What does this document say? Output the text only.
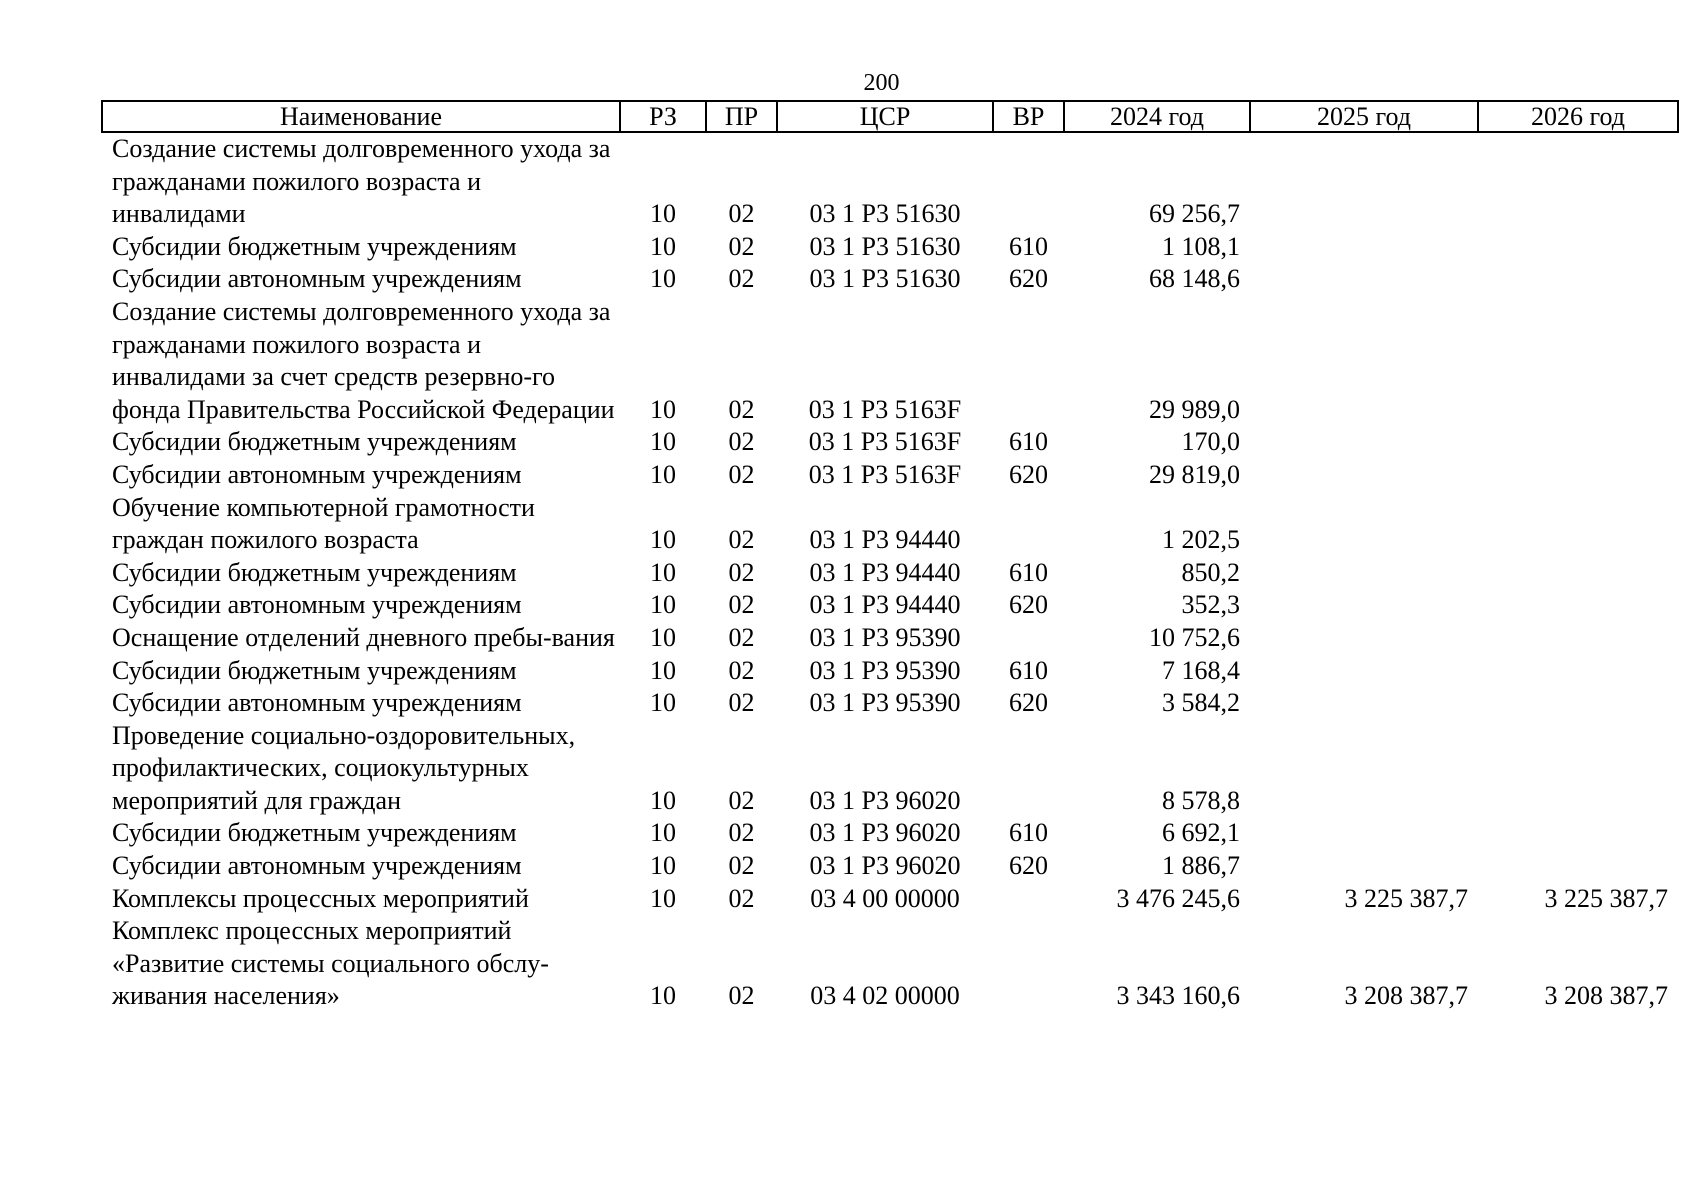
200
Наименование	РЗ	ПР	ЦСР	ВР	2024 год	2025 год	2026 год
Создание системы долговременного ухода за гражданами пожилого возраста и инвалидами	10	02	03 1 Р3 51630		69 256,7		
Субсидии бюджетным учреждениям	10	02	03 1 Р3 51630	610	1 108,1		
Субсидии автономным учреждениям	10	02	03 1 Р3 51630	620	68 148,6		
Создание системы долговременного ухода за гражданами пожилого возраста и инвалидами за счет средств резервно-го фонда Правительства Российской Федерации	10	02	03 1 Р3 5163F		29 989,0		
Субсидии бюджетным учреждениям	10	02	03 1 Р3 5163F	610	170,0		
Субсидии автономным учреждениям	10	02	03 1 Р3 5163F	620	29 819,0		
Обучение компьютерной грамотности граждан пожилого возраста	10	02	03 1 Р3 94440		1 202,5		
Субсидии бюджетным учреждениям	10	02	03 1 Р3 94440	610	850,2		
Субсидии автономным учреждениям	10	02	03 1 Р3 94440	620	352,3		
Оснащение отделений дневного пребы-вания	10	02	03 1 Р3 95390		10 752,6		
Субсидии бюджетным учреждениям	10	02	03 1 Р3 95390	610	7 168,4		
Субсидии автономным учреждениям	10	02	03 1 Р3 95390	620	3 584,2		
Проведение социально-оздоровительных, профилактических, социокультурных мероприятий для граждан	10	02	03 1 Р3 96020		8 578,8		
Субсидии бюджетным учреждениям	10	02	03 1 Р3 96020	610	6 692,1		
Субсидии автономным учреждениям	10	02	03 1 Р3 96020	620	1 886,7		
Комплексы процессных мероприятий	10	02	03 4 00 00000		3 476 245,6	3 225 387,7	3 225 387,7
Комплекс процессных мероприятий «Развитие системы социального обслу-живания населения»	10	02	03 4 02 00000		3 343 160,6	3 208 387,7	3 208 387,7
